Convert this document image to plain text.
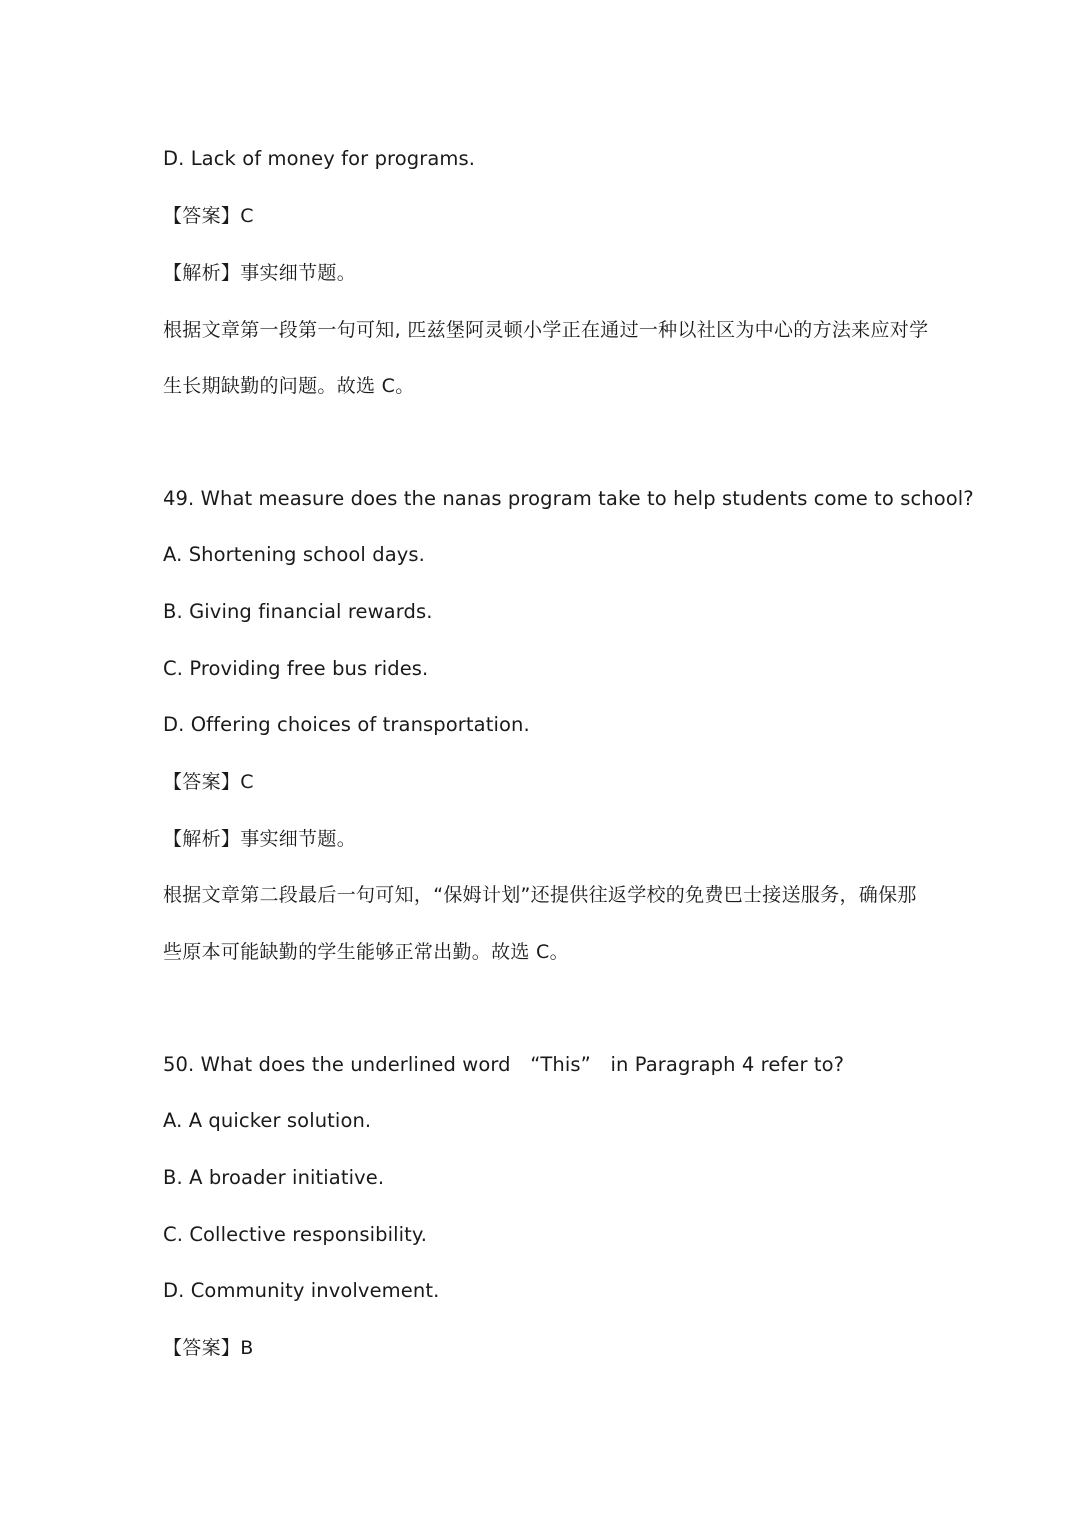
D. Lack of money for programs.
【答案】C
【解析】事实细节题。
根据文章第一段第一句可知, 匹兹堡阿灵顿小学正在通过一种以社区为中心的方法来应对学
生长期缺勤的问题。故选 C。
49. What measure does the nanas program take to help students come to school?
A. Shortening school days.
B. Giving financial rewards.
C. Providing free bus rides.
D. Offering choices of transportation.
【答案】C
【解析】事实细节题。
根据文章第二段最后一句可知，“保姆计划”还提供往返学校的免费巴士接送服务，确保那
些原本可能缺勤的学生能够正常出勤。故选 C。
50. What does the underlined word　“This”　in Paragraph 4 refer to?
A. A quicker solution.
B. A broader initiative.
C. Collective responsibility.
D. Community involvement.
【答案】B
